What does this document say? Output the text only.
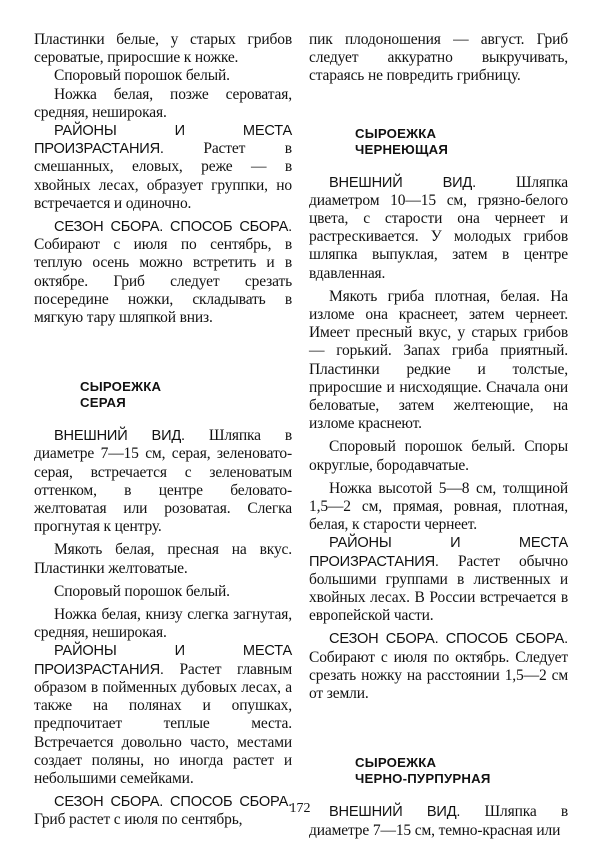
Пластинки белые, у старых грибов сероватые, приросшие к ножке.

Споровый порошок белый.

Ножка белая, позже сероватая, средняя, неширокая.

РАЙОНЫ И МЕСТА ПРОИЗРАСТАНИЯ.	Растет в смешанных, еловых, реже — в хвойных лесах, образует группки, но встречается и одиночно.

СЕЗОН СБОРА. СПОСОБ СБОРА. Собирают с июля по сентябрь, в теплую осень можно встретить и в октябре. Гриб следует срезать посередине ножки, складывать в мягкую тару шляпкой вниз.

СЫРОЕЖКА
СЕРАЯ

ВНЕШНИЙ ВИД. Шляпка в диаметре 7—15 см, серая, зеленовато-серая, встречается с зеленоватым оттенком, в центре беловато-желтоватая или розоватая. Слегка прогнутая к центру.

Мякоть белая, пресная на вкус. Пластинки желтоватые.

Споровый порошок белый.

Ножка белая, книзу слегка загнутая, средняя, неширокая.

РАЙОНЫ И МЕСТА ПРОИЗРАСТАНИЯ. Растет главным образом в пойменных дубовых лесах, а также на полянах и опушках, предпочитает теплые места. Встречается довольно часто, местами создает поляны, но иногда растет и небольшими семейками.

СЕЗОН СБОРА. СПОСОБ СБОРА. Гриб растет с июля по сентябрь,

пик плодоношения — август. Гриб следует аккуратно выкручивать, стараясь не повредить грибницу.

СЫРОЕЖКА
ЧЕРНЕЮЩАЯ

ВНЕШНИЙ ВИД.	Шляпка диаметром 10—15 см, грязно-белого цвета, с старости она чернеет и растрескивается. У молодых грибов шляпка выпуклая, затем в центре вдавленная.

Мякоть гриба плотная, белая. На изломе она краснеет, затем чернеет. Имеет пресный вкус, у старых грибов — горький. Запах гриба приятный. Пластинки редкие и толстые, приросшие и нисходящие. Сначала они беловатые, затем желтеющие, на изломе краснеют.

Споровый порошок белый. Споры округлые, бородавчатые.

Ножка высотой 5—8 см, толщиной 1,5—2 см, прямая, ровная, плотная, белая, к старости чернеет.

РАЙОНЫ И МЕСТА ПРОИЗРАСТАНИЯ. Растет обычно большими группами в лиственных и хвойных лесах. В России встречается в европейской части.

СЕЗОН СБОРА. СПОСОБ СБОРА. Собирают с июля по октябрь. Следует срезать ножку на расстоянии 1,5—2 см от земли.

СЫРОЕЖКА
ЧЕРНО-ПУРПУРНАЯ

ВНЕШНИЙ ВИД. Шляпка в диаметре 7—15 см, темно-красная или

172
